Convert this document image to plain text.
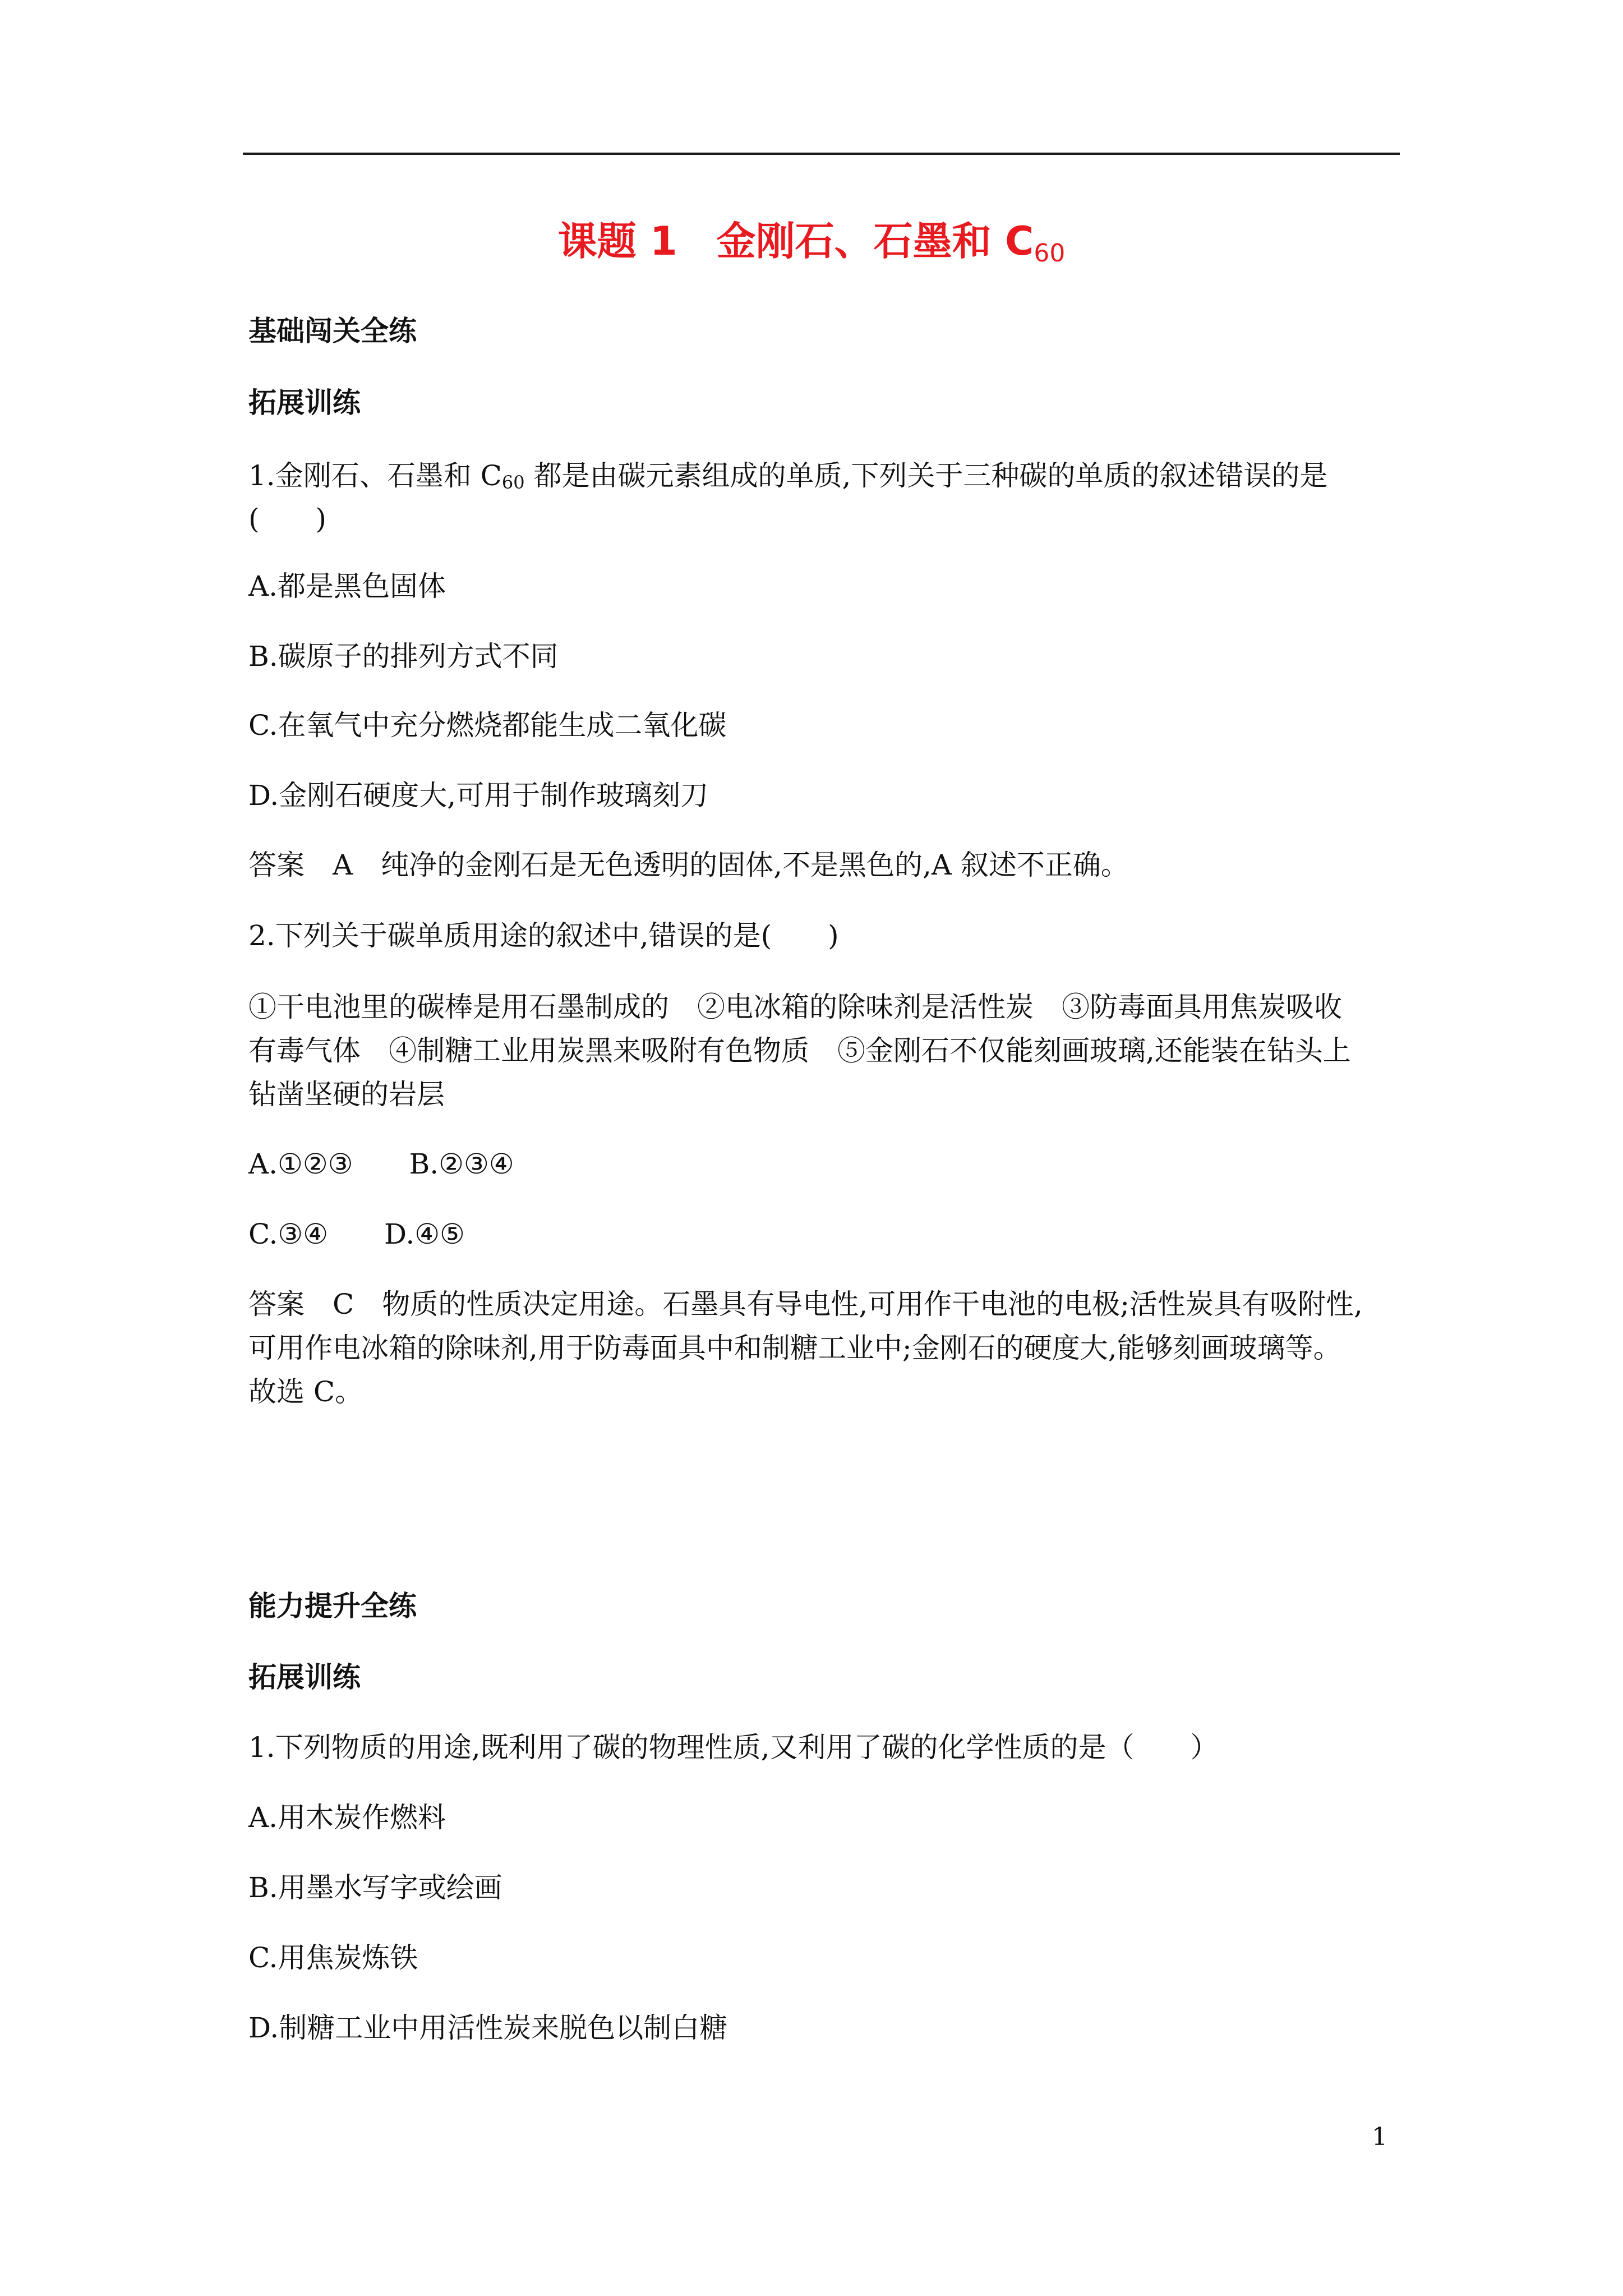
课题 1　金刚石、石墨和 $C_{60}$
基础闯关全练
拓展训练
1.金刚石、石墨和 $C_{60}$ 都是由碳元素组成的单质,下列关于三种碳的单质的叙述错误的是
(　　)
A.都是黑色固体
B.碳原子的排列方式不同
C.在氧气中充分燃烧都能生成二氧化碳
D.金刚石硬度大,可用于制作玻璃刻刀
答案　A　纯净的金刚石是无色透明的固体,不是黑色的,A 叙述不正确。
2.下列关于碳单质用途的叙述中,错误的是(　　)
①干电池里的碳棒是用石墨制成的　②电冰箱的除味剂是活性炭　③防毒面具用焦炭吸收
有毒气体　④制糖工业用炭黑来吸附有色物质　⑤金刚石不仅能刻画玻璃,还能装在钻头上
钻凿坚硬的岩层
A.①②③ B.②③④
C.③④ D.④⑤
答案　C　物质的性质决定用途。石墨具有导电性,可用作干电池的电极;活性炭具有吸附性,
可用作电冰箱的除味剂,用于防毒面具中和制糖工业中;金刚石的硬度大,能够刻画玻璃等。
故选 C。
能力提升全练
拓展训练
1.下列物质的用途,既利用了碳的物理性质,又利用了碳的化学性质的是（　　）
A.用木炭作燃料
B.用墨水写字或绘画
C.用焦炭炼铁
D.制糖工业中用活性炭来脱色以制白糖
1
